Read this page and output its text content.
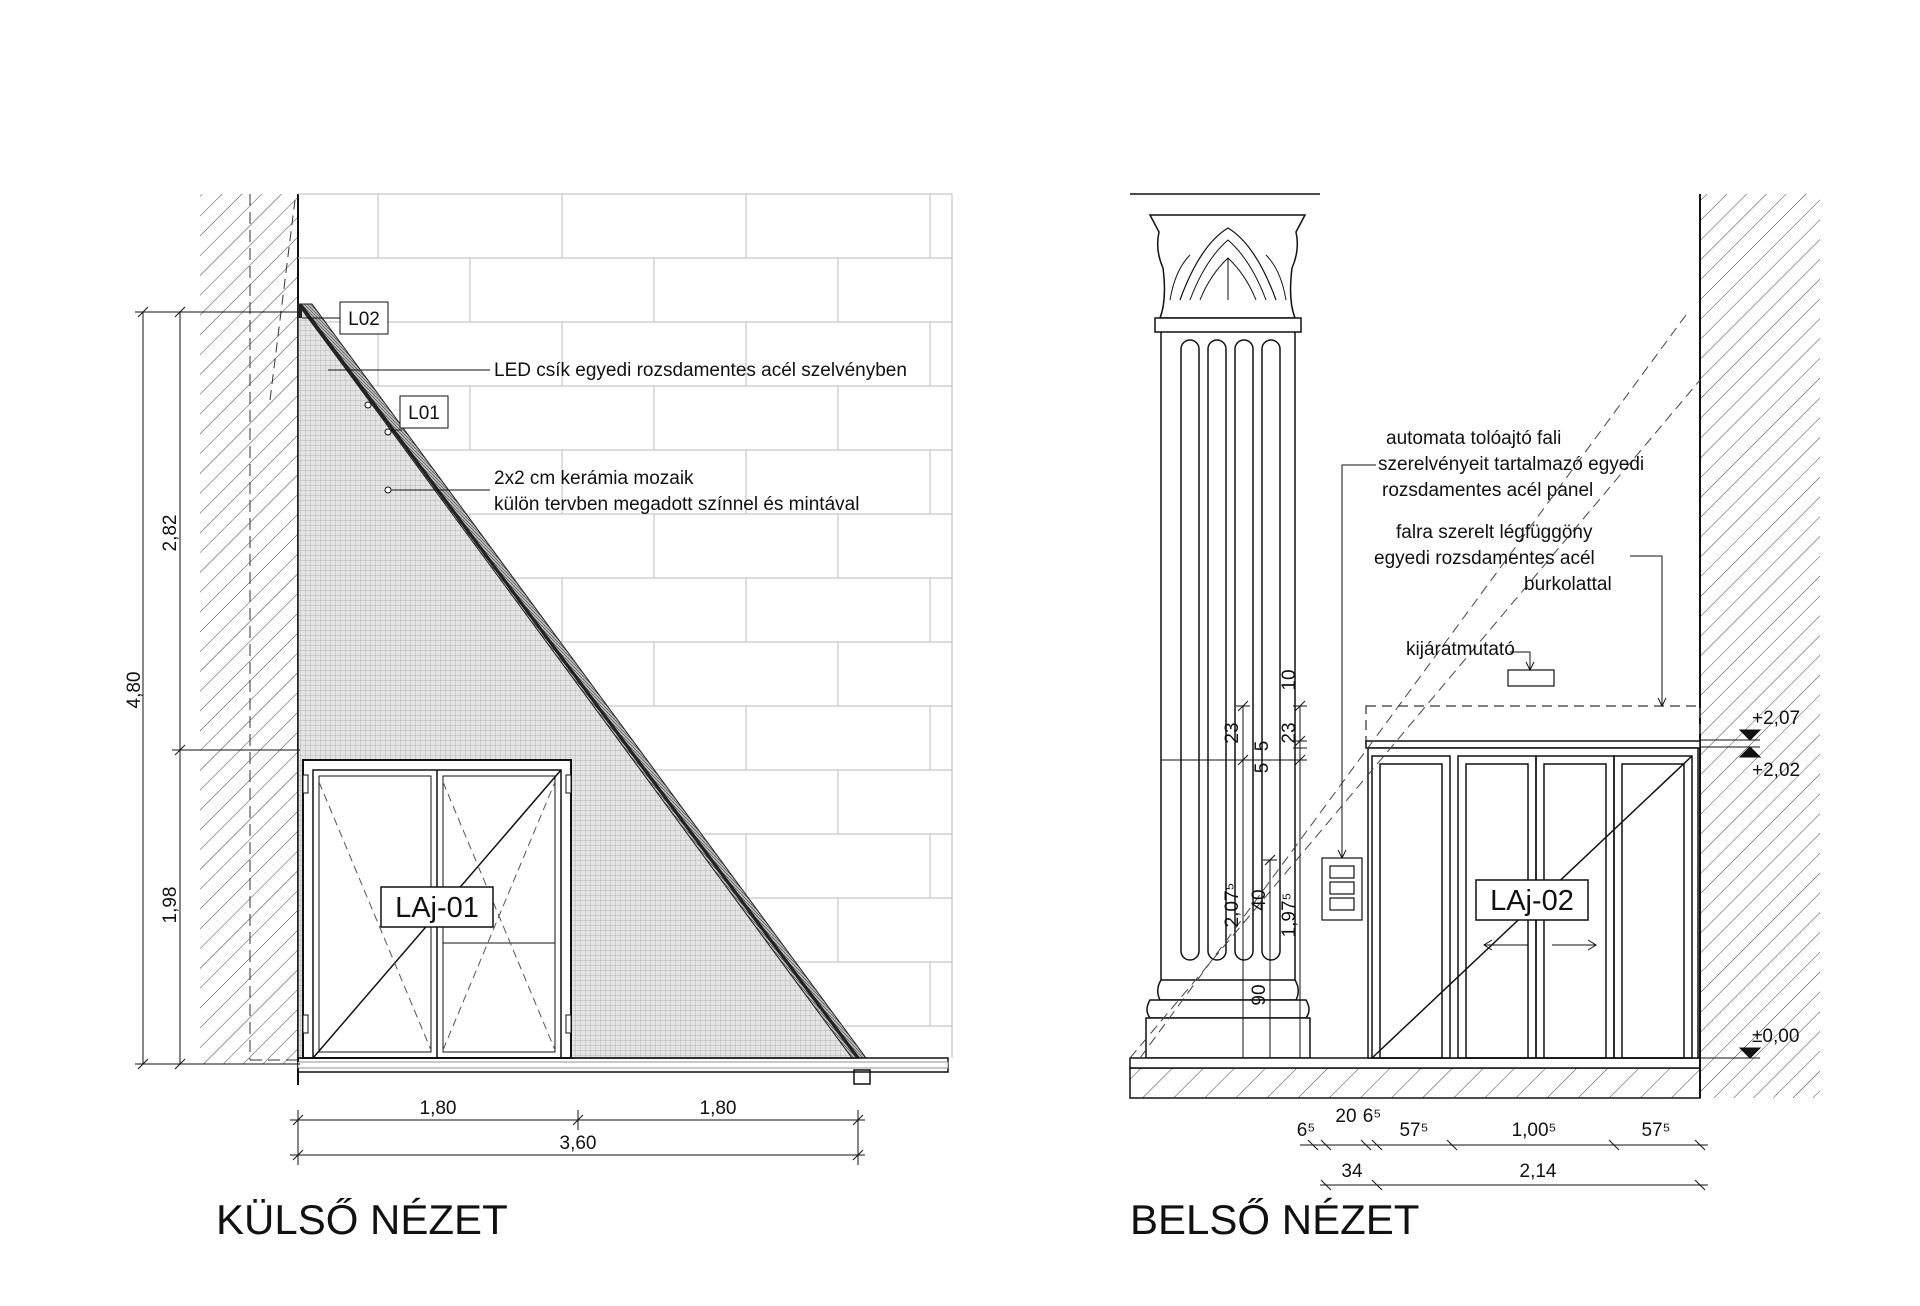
LAj-01
L02
L01
LED csík egyedi rozsdamentes acél szelvényben
2x2 cm kerámia mozaik
külön tervben megadott színnel és mintával
4,80
2,82
1,98
1,80	1,80
3,60
KÜLSŐ NÉZET
LAj-02
automata tolóajtó fali
szerelvényeit tartalmazó egyedi
rozsdamentes acél panel
falra szerelt légfüggöny
egyedi rozsdamentes acél
burkolattal
kijáratmutató
+2,07
+2,02
±0,00
23
2,07⁵
90
40
10
5
5
23
1,97⁵
6⁵
20 6⁵
57⁵	1,00⁵	57⁵
34	2,14
BELSŐ NÉZET
